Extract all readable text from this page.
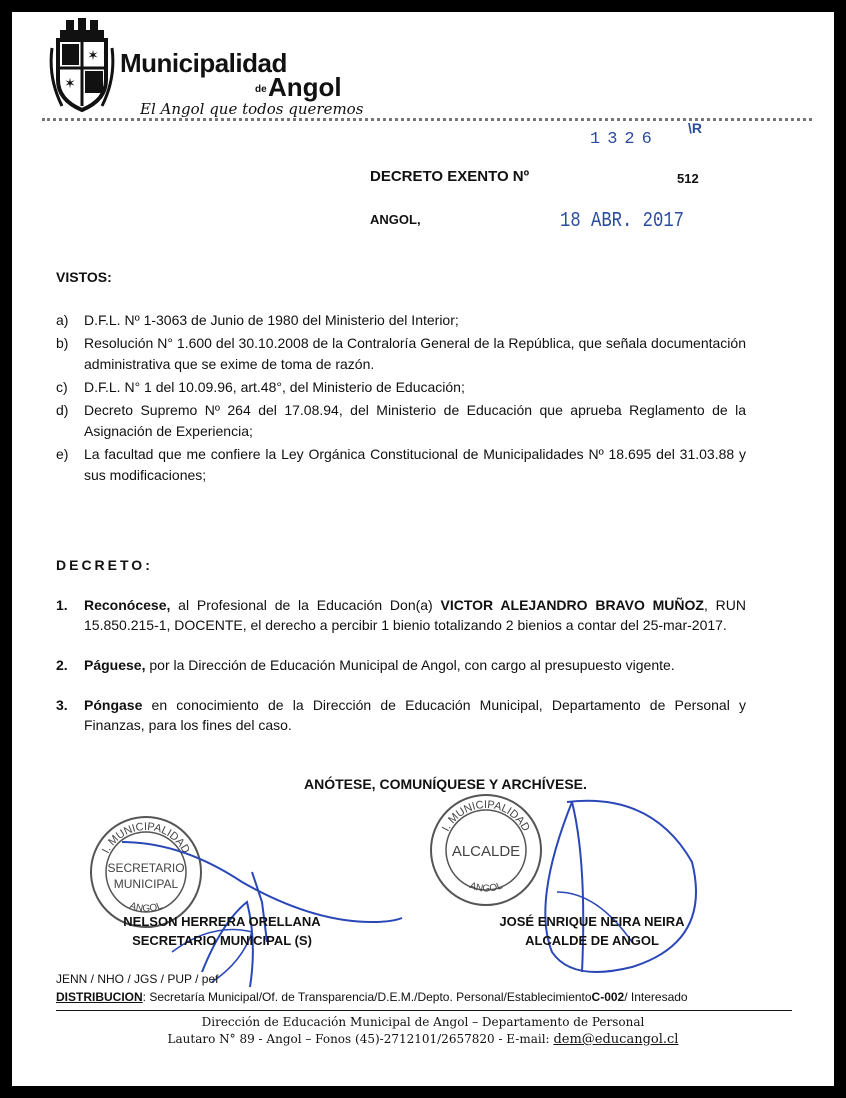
✶
✶
Municipalidad
de Angol
El Angol que todos queremos
1326
\R
DECRETO EXENTO Nº	512
ANGOL,	18 ABR. 2017
VISTOS:
a)	D.F.L. Nº 1-3063 de Junio de 1980 del Ministerio del Interior;
b)	Resolución N° 1.600 del 30.10.2008 de la Contraloría General de la República, que señala documentación administrativa que se exime de toma de razón.
c)	D.F.L. N° 1 del 10.09.96, art.48°, del Ministerio de Educación;
d)	Decreto Supremo Nº 264 del 17.08.94, del Ministerio de Educación que aprueba Reglamento de la Asignación de Experiencia;
e)	La facultad que me confiere la Ley Orgánica Constitucional de Municipalidades Nº 18.695 del 31.03.88 y sus modificaciones;
DECRETO:
1.	Reconócese, al Profesional de la Educación Don(a) VICTOR ALEJANDRO BRAVO MUÑOZ, RUN 15.850.215-1, DOCENTE, el derecho a percibir 1 bienio totalizando 2 bienios a contar del 25-mar-2017.
2.	Páguese, por la Dirección de Educación Municipal de Angol, con cargo al presupuesto vigente.
3.	Póngase en conocimiento de la Dirección de Educación Municipal, Departamento de Personal y Finanzas, para los fines del caso.
ANÓTESE, COMUNÍQUESE Y ARCHÍVESE.
I. MUNICIPALIDAD
SECRETARIO
MUNICIPAL
ANGOL
I. MUNICIPALIDAD
ALCALDE
ANGOL
NELSON HERRERA ORELLANA
SECRETARIO MUNICIPAL (S)
JOSÉ ENRIQUE NEIRA NEIRA
ALCALDE DE ANGOL
JENN / NHO / JGS / PUP / pef
DISTRIBUCION: Secretaría Municipal/Of. de Transparencia/D.E.M./Depto. Personal/EstablecimientoC-002/ Interesado
Dirección de Educación Municipal de Angol – Departamento de Personal
Lautaro N° 89 - Angol – Fonos (45)-2712101/2657820 - E-mail: dem@educangol.cl
